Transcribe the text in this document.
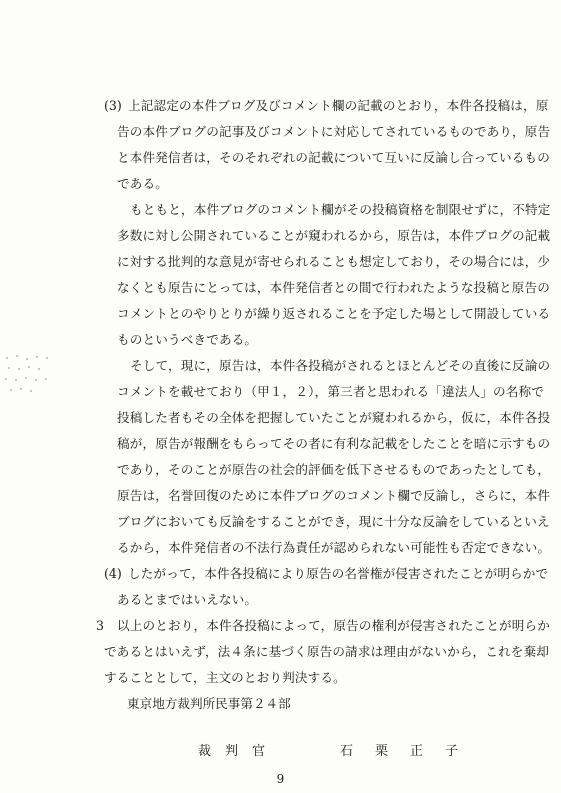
(3) 上記認定の本件ブログ及びコメント欄の記載のとおり，本件各投稿は，原
告の本件ブログの記事及びコメントに対応してされているものであり，原告
と本件発信者は，そのそれぞれの記載について互いに反論し合っているもの
である。
もともと，本件ブログのコメント欄がその投稿資格を制限せずに，不特定
多数に対し公開されていることが窺われるから，原告は，本件ブログの記載
に対する批判的な意見が寄せられることも想定しており，その場合には，少
なくとも原告にとっては，本件発信者との間で行われたような投稿と原告の
コメントとのやりとりが繰り返されることを予定した場として開設している
ものというべきである。
そして，現に，原告は，本件各投稿がされるとほとんどその直後に反論の
コメントを載せており（甲１，２），第三者と思われる「違法人」の名称で
投稿した者もその全体を把握していたことが窺われるから，仮に，本件各投
稿が，原告が報酬をもらってその者に有利な記載をしたことを暗に示すもの
であり，そのことが原告の社会的評価を低下させるものであったとしても，
原告は，名誉回復のために本件ブログのコメント欄で反論し，さらに，本件
ブログにおいても反論をすることができ，現に十分な反論をしているといえ
るから，本件発信者の不法行為責任が認められない可能性も否定できない。
(4) したがって，本件各投稿により原告の名誉権が侵害されたことが明らかで
あるとまではいえない。
3 以上のとおり，本件各投稿によって，原告の権利が侵害されたことが明らか
であるとはいえず，法４条に基づく原告の請求は理由がないから，これを棄却
することとして，主文のとおり判決する。
東京地方裁判所民事第２４部
裁判官	石栗正子
9
